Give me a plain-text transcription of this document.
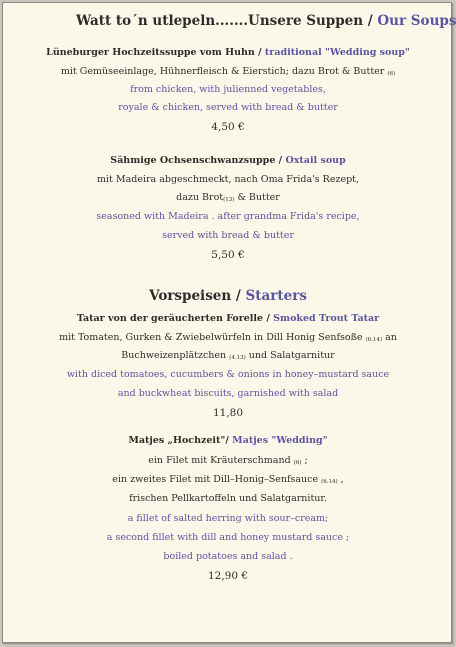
Watt to´n utlepeln.......Unsere Suppen / Our Soups
Lüneburger Hochzeitssuppe vom Huhn / traditional "Wedding soup"
mit Gemüseeinlage, Hühnerfleisch & Eierstich; dazu Brot & Butter (6)
from chicken, with julienned vegetables,
royale & chicken, served with bread & butter
4,50 €
Sähmige Ochsenschwanzsuppe / Oxtail soup
mit Madeira abgeschmeckt, nach Oma Frida's Rezept,
dazu Brot(13) & Butter
seasoned with Madeira . after grandma Frida's recipe,
served with bread & butter
5,50 €
Vorspeisen / Starters
Tatar von der geräucherten Forelle / Smoked Trout Tatar
mit Tomaten, Gurken & Zwiebelwürfeln in Dill Honig Senfsoße (6.14) an
Buchweizenplätzchen (4.13) und Salatgarnitur
with diced tomatoes, cucumbers & onions in honey–mustard sauce
and buckwheat biscuits, garnished with salad
11,80
Matjes „Hochzeit"/ Matjes "Wedding"
ein Filet mit Kräuterschmand (6) ;
ein zweites Filet mit Dill–Honig–Senfsauce (6.14) ,
frischen Pellkartoffeln und Salatgarnitur.
a fillet of salted herring with sour–cream;
a second fillet with dill and honey mustard sauce ;
boiled potatoes and salad .
12,90 €
